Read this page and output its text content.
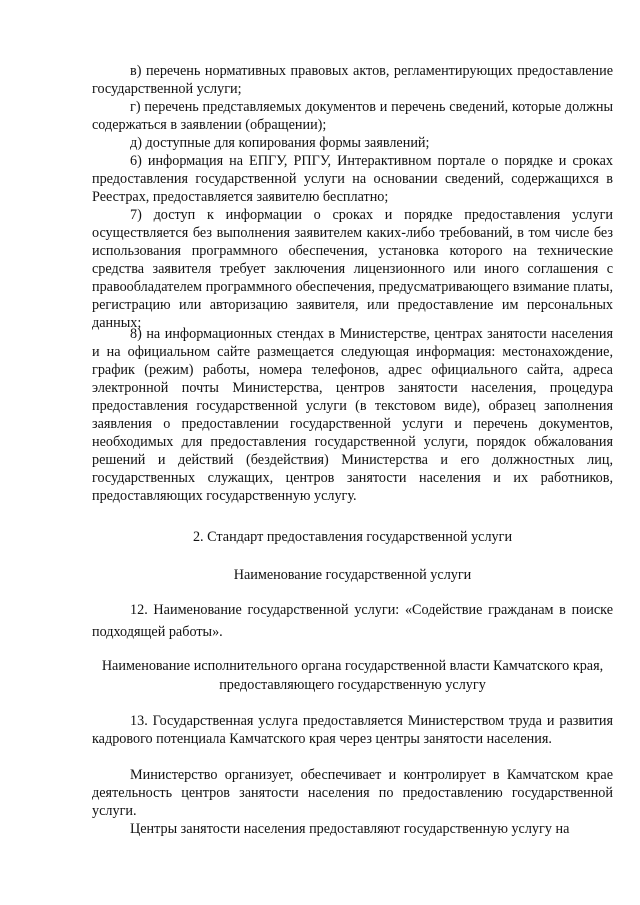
в) перечень нормативных правовых актов, регламентирующих предоставление государственной услуги;
г) перечень представляемых документов и перечень сведений, которые должны содержаться в заявлении (обращении);
д) доступные для копирования формы заявлений;
6) информация на ЕПГУ, РПГУ, Интерактивном портале о порядке и сроках предоставления государственной услуги на основании сведений, содержащихся в Реестрах, предоставляется заявителю бесплатно;
7) доступ к информации о сроках и порядке предоставления услуги осуществляется без выполнения заявителем каких-либо требований, в том числе без использования программного обеспечения, установка которого на технические средства заявителя требует заключения лицензионного или иного соглашения с правообладателем программного обеспечения, предусматривающего взимание платы, регистрацию или авторизацию заявителя, или предоставление им персональных данных;
8) на информационных стендах в Министерстве, центрах занятости населения и на официальном сайте размещается следующая информация: местонахождение, график (режим) работы, номера телефонов, адрес официального сайта, адреса электронной почты Министерства, центров занятости населения, процедура предоставления государственной услуги (в текстовом виде), образец заполнения заявления о предоставлении государственной услуги и перечень документов, необходимых для предоставления государственной услуги, порядок обжалования решений и действий (бездействия) Министерства и его должностных лиц, государственных служащих, центров занятости населения и их работников, предоставляющих государственную услугу.
2. Стандарт предоставления государственной услуги
Наименование государственной услуги
12. Наименование государственной услуги: «Содействие гражданам в поиске подходящей работы».
Наименование исполнительного органа государственной власти Камчатского края, предоставляющего государственную услугу
13. Государственная услуга предоставляется Министерством труда и развития кадрового потенциала Камчатского края через центры занятости населения.
Министерство организует, обеспечивает и контролирует в Камчатском крае деятельность центров занятости населения по предоставлению государственной услуги.
Центры занятости населения предоставляют государственную услугу на
